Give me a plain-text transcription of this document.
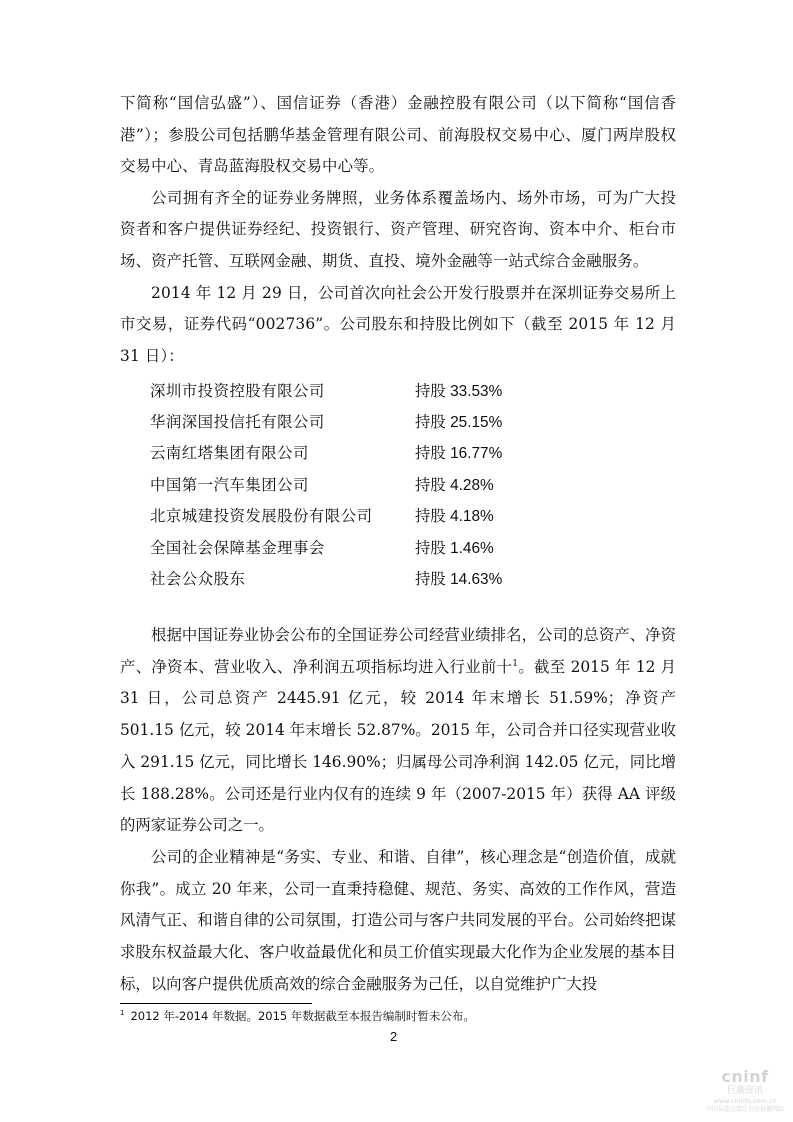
下简称“国信弘盛”）、国信证券（香港）金融控股有限公司（以下简称“国信香港”）；参股公司包括鹏华基金管理有限公司、前海股权交易中心、厦门两岸股权交易中心、青岛蓝海股权交易中心等。

公司拥有齐全的证券业务牌照，业务体系覆盖场内、场外市场，可为广大投资者和客户提供证券经纪、投资银行、资产管理、研究咨询、资本中介、柜台市场、资产托管、互联网金融、期货、直投、境外金融等一站式综合金融服务。

2014 年 12 月 29 日，公司首次向社会公开发行股票并在深圳证券交易所上市交易，证券代码“002736”。公司股东和持股比例如下（截至 2015 年 12 月 31 日）：

深圳市投资控股有限公司	持股 33.53%
华润深国投信托有限公司	持股 25.15%
云南红塔集团有限公司	持股 16.77%
中国第一汽车集团公司	持股 4.28%
北京城建投资发展股份有限公司	持股 4.18%
全国社会保障基金理事会	持股 1.46%
社会公众股东	持股 14.63%

根据中国证券业协会公布的全国证券公司经营业绩排名，公司的总资产、净资产、净资本、营业收入、净利润五项指标均进入行业前十$^1$。截至 2015 年 12 月 31 日，公司总资产 2445.91 亿元，较 2014 年末增长 51.59%；净资产 501.15 亿元，较 2014 年末增长 52.87%。2015 年，公司合并口径实现营业收入 291.15 亿元，同比增长 146.90%；归属母公司净利润 142.05 亿元，同比增长 188.28%。公司还是行业内仅有的连续 9 年（2007-2015 年）获得 AA 评级的两家证券公司之一。

公司的企业精神是“务实、专业、和谐、自律”，核心理念是“创造价值，成就你我”。成立 20 年来，公司一直秉持稳健、规范、务实、高效的工作作风，营造风清气正、和谐自律的公司氛围，打造公司与客户共同发展的平台。公司始终把谋求股东权益最大化、客户收益最优化和员工价值实现最大化作为企业发展的基本目标，以向客户提供优质高效的综合金融服务为己任，以自觉维护广大投

$^1$ 2012 年-2014 年数据。2015 年数据截至本报告编制时暂未公布。
2
cninf
巨潮资讯
www.cninfo.com.cn
中国证监会指定信息披露网站
